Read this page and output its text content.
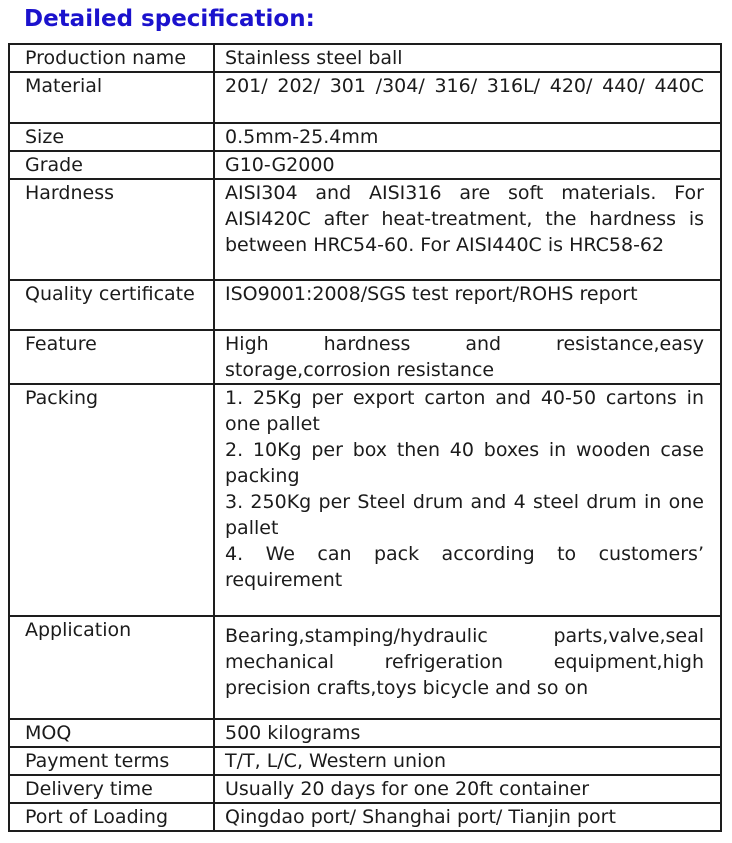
Detailed specification:
Production name	Stainless steel ball
Material	201/ 202/ 301 /304/ 316/ 316L/ 420/ 440/ 440C
Size	0.5mm-25.4mm
Grade	G10-G2000
Hardness	AISI304 and AISI316 are soft materials. For AISI420C after heat-treatment, the hardness is between HRC54-60. For AISI440C is HRC58-62
Quality certificate	ISO9001:2008/SGS test report/ROHS report
Feature	High hardness and resistance,easy storage,corrosion resistance
Packing	1. 25Kg per export carton and 40-50 cartons in one pallet
2. 10Kg per box then 40 boxes in wooden case packing
3. 250Kg per Steel drum and 4 steel drum in one pallet
4. We can pack according to customers’ requirement

Application	Bearing,stamping/hydraulic parts,valve,seal mechanical refrigeration equipment,high precision crafts,toys bicycle and so on
MOQ	500 kilograms
Payment terms	T/T, L/C, Western union
Delivery time	Usually 20 days for one 20ft container
Port of Loading	Qingdao port/ Shanghai port/ Tianjin port
